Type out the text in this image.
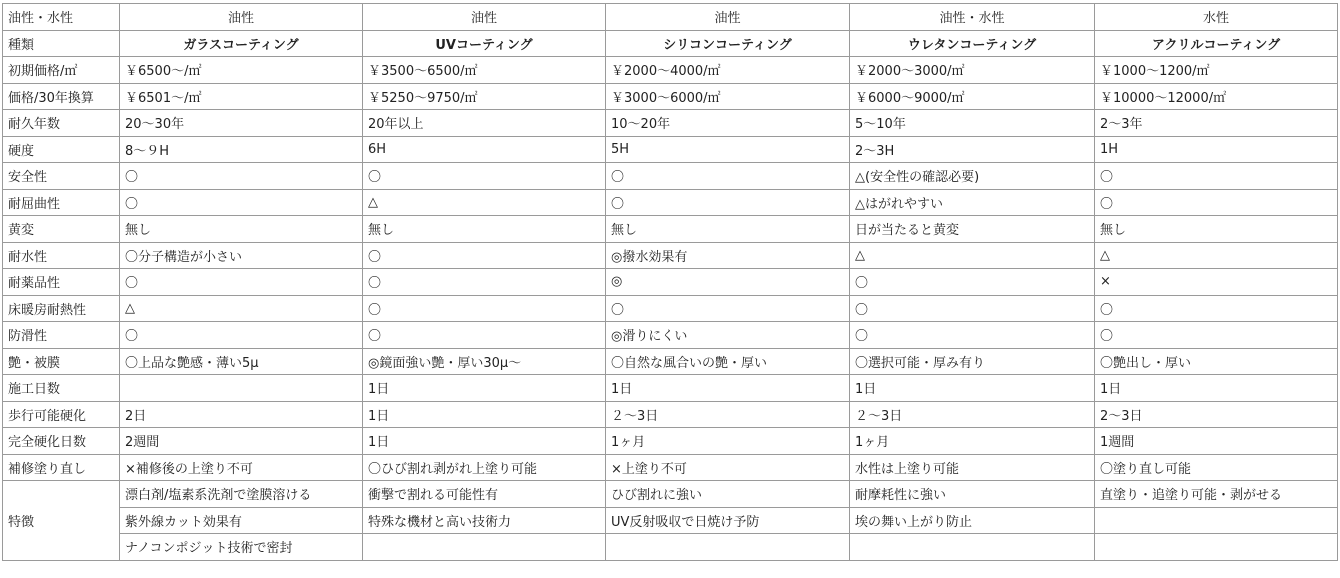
油性・水性	油性	油性	油性	油性・水性	水性
種類	ガラスコーティング	UVコーティング	シリコンコーティング	ウレタンコーティング	アクリルコーティング
初期価格/㎡	￥6500～/㎡	￥3500～6500/㎡	￥2000～4000/㎡	￥2000～3000/㎡	￥1000～1200/㎡
価格/30年換算	￥6501～/㎡	￥5250～9750/㎡	￥3000～6000/㎡	￥6000～9000/㎡	￥10000～12000/㎡
耐久年数	20～30年	20年以上	10～20年	5～10年	2～3年
硬度	8～９H	6H	5H	2～3H	1H
安全性	〇	〇	〇	△(安全性の確認必要)	〇
耐屈曲性	〇	△	〇	△はがれやすい	〇
黄変	無し	無し	無し	日が当たると黄変	無し
耐水性	〇分子構造が小さい	〇	◎撥水効果有	△	△
耐薬品性	〇	〇	◎	〇	×
床暖房耐熱性	△	〇	〇	〇	〇
防滑性	〇	〇	◎滑りにくい	〇	〇
艶・被膜	〇上品な艶感・薄い5μ	◎鏡面強い艶・厚い30μ～	〇自然な風合いの艶・厚い	〇選択可能・厚み有り	〇艶出し・厚い
施工日数		1日	1日	1日	1日
歩行可能硬化	2日	1日	２～3日	２～3日	2～3日
完全硬化日数	2週間	1日	1ヶ月	1ヶ月	1週間
補修塗り直し	×補修後の上塗り不可	〇ひび割れ剥がれ上塗り可能	×上塗り不可	水性は上塗り可能	〇塗り直し可能
特徴	漂白剤/塩素系洗剤で塗膜溶ける	衝撃で割れる可能性有	ひび割れに強い	耐摩耗性に強い	直塗り・追塗り可能・剥がせる
	紫外線カット効果有	特殊な機材と高い技術力	UV反射吸収で日焼け予防	埃の舞い上がり防止	
	ナノコンポジット技術で密封				
